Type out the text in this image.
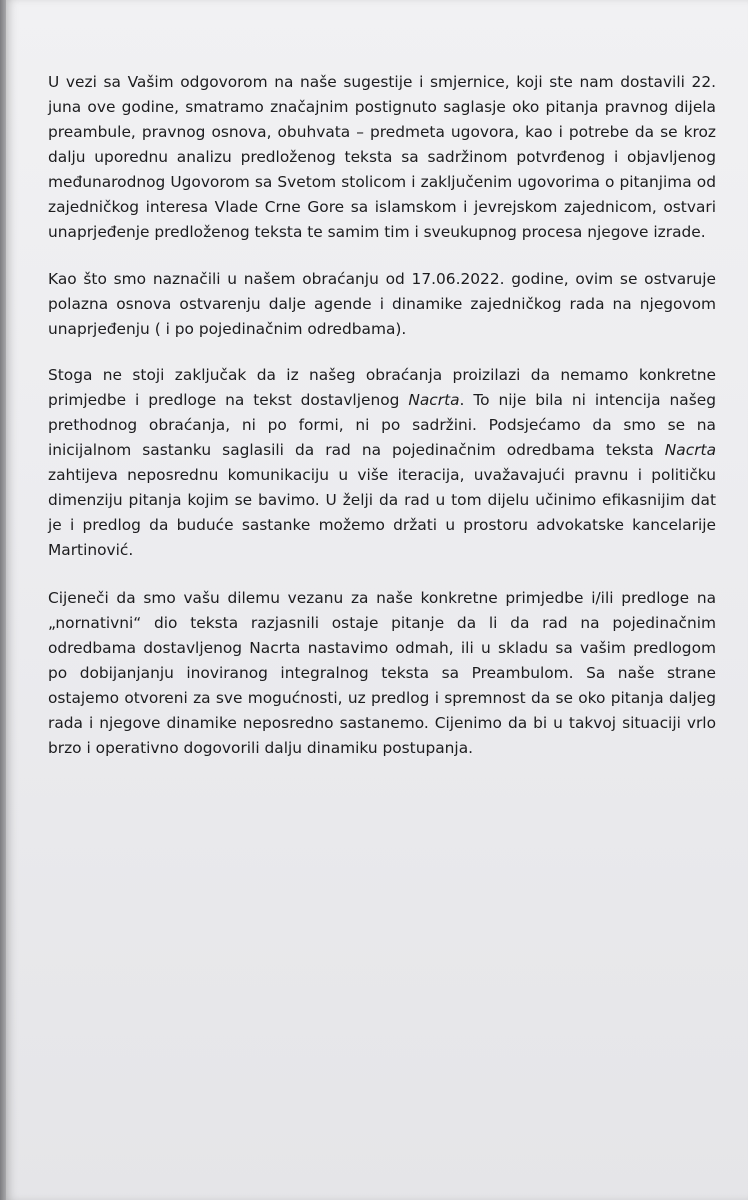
U vezi sa Vašim odgovorom na naše sugestije i smjernice, koji ste nam dostavili 22. juna ove godine, smatramo značajnim postignuto saglasje oko pitanja pravnog dijela preambule, pravnog osnova, obuhvata – predmeta ugovora, kao i potrebe da se kroz dalju uporednu analizu predloženog teksta sa sadržinom potvrđenog i objavljenog međunarodnog Ugovorom sa Svetom stolicom i zaključenim ugovorima o pitanjima od zajedničkog interesa Vlade Crne Gore sa islamskom i jevrejskom zajednicom, ostvari unaprjeđenje predloženog teksta te samim tim i sveukupnog procesa njegove izrade.

Kao što smo naznačili u našem obraćanju od 17.06.2022. godine, ovim se ostvaruje polazna osnova ostvarenju dalje agende i dinamike zajedničkog rada na njegovom unaprjeđenju ( i po pojedinačnim odredbama).

Stoga ne stoji zaključak da iz našeg obraćanja proizilazi da nemamo konkretne primjedbe i predloge na tekst dostavljenog Nacrta. To nije bila ni intencija našeg prethodnog obraćanja, ni po formi, ni po sadržini. Podsjećamo da smo se na inicijalnom sastanku saglasili da rad na pojedinačnim odredbama teksta Nacrta zahtijeva neposrednu komunikaciju u više iteracija, uvažavajući pravnu i političku dimenziju pitanja kojim se bavimo. U želji da rad u tom dijelu učinimo efikasnijim dat je i predlog da buduće sastanke možemo držati u prostoru advokatske kancelarije Martinović.

Cijeneči da smo vašu dilemu vezanu za naše konkretne primjedbe i/ili predloge na „nornativni“ dio teksta razjasnili ostaje pitanje da li da rad na pojedinačnim odredbama dostavljenog Nacrta nastavimo odmah, ili u skladu sa vašim predlogom po dobijanjanju inoviranog integralnog teksta sa Preambulom. Sa naše strane ostajemo otvoreni za sve mogućnosti, uz predlog i spremnost da se oko pitanja daljeg rada i njegove dinamike neposredno sastanemo. Cijenimo da bi u takvoj situaciji vrlo brzo i operativno dogovorili dalju dinamiku postupanja.
